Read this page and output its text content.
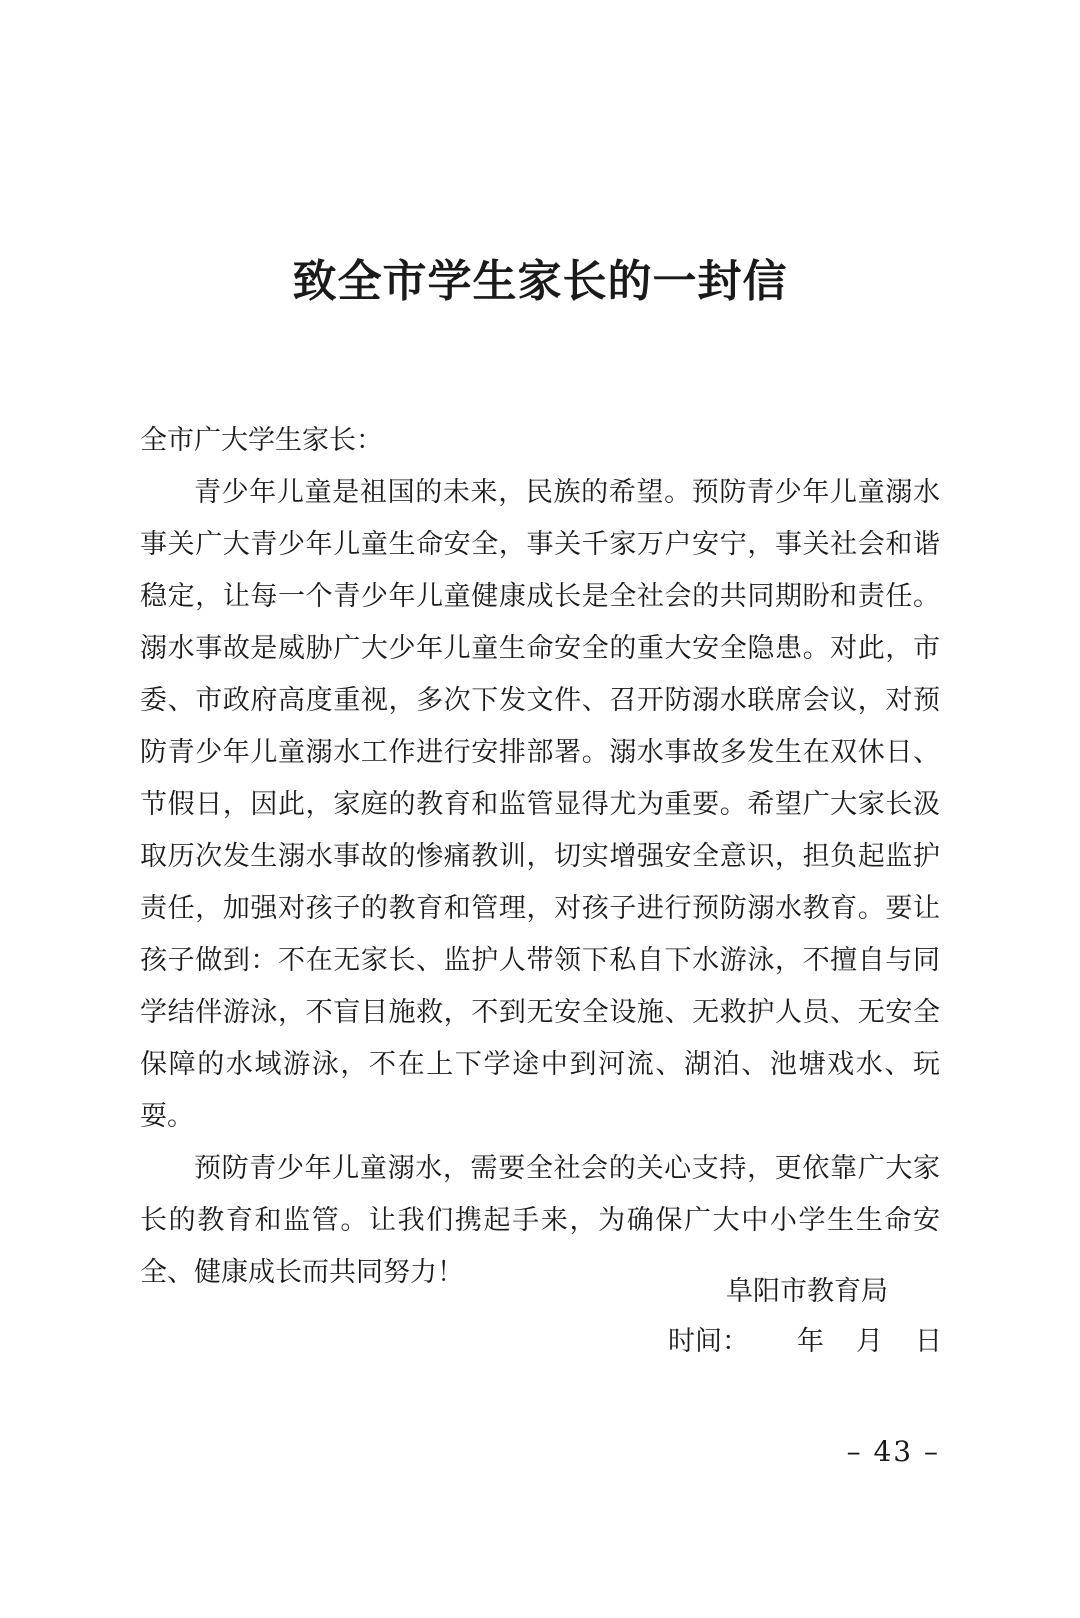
致全市学生家长的一封信

全市广大学生家长：

青少年儿童是祖国的未来，民族的希望。预防青少年儿童溺水事关广大青少年儿童生命安全，事关千家万户安宁，事关社会和谐稳定，让每一个青少年儿童健康成长是全社会的共同期盼和责任。溺水事故是威胁广大少年儿童生命安全的重大安全隐患。对此，市委、市政府高度重视，多次下发文件、召开防溺水联席会议，对预防青少年儿童溺水工作进行安排部署。溺水事故多发生在双休日、节假日，因此，家庭的教育和监管显得尤为重要。希望广大家长汲取历次发生溺水事故的惨痛教训，切实增强安全意识，担负起监护责任，加强对孩子的教育和管理，对孩子进行预防溺水教育。要让孩子做到：不在无家长、监护人带领下私自下水游泳，不擅自与同学结伴游泳，不盲目施救，不到无安全设施、无救护人员、无安全保障的水域游泳，不在上下学途中到河流、湖泊、池塘戏水、玩耍。

预防青少年儿童溺水，需要全社会的关心支持，更依靠广大家长的教育和监管。让我们携起手来，为确保广大中小学生生命安全、健康成长而共同努力！

阜阳市教育局
时间： 年 月 日
– 43 –
